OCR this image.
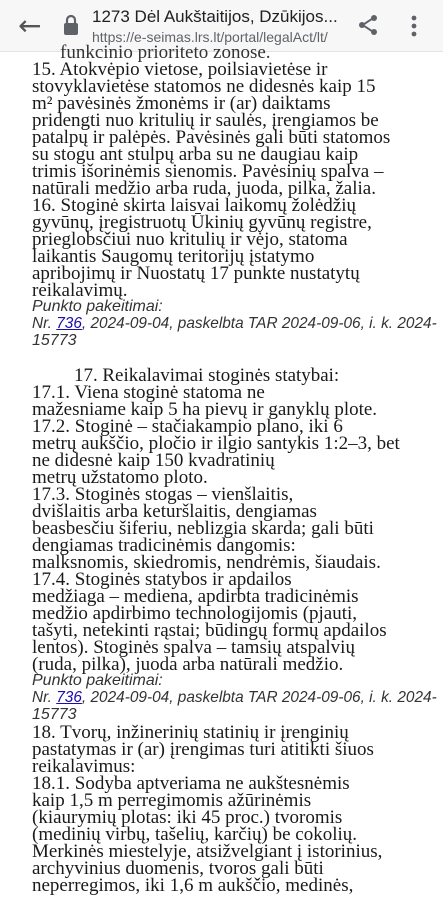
←	1273 Dėl Aukštaitijos, Dzūkijos...
https://e-seimas.lrs.lt/portal/legalAct/lt/
funkcinio prioriteto zonose.
15. Atokvėpio vietose, poilsiavietėse ir
stovyklavietėse statomos ne didesnės kaip 15
m² pavėsinės žmonėms ir (ar) daiktams
pridengti nuo kritulių ir saulės, įrengiamos be
patalpų ir palėpės. Pavėsinės gali būti statomos
su stogu ant stulpų arba su ne daugiau kaip
trimis išorinėmis sienomis. Pavėsinių spalva –
natūrali medžio arba ruda, juoda, pilka, žalia.
16. Stoginė skirta laisvai laikomų žolėdžių
gyvūnų, įregistruotų Ūkinių gyvūnų registre,
prieglobsčiui nuo kritulių ir vėjo, statoma
laikantis Saugomų teritorijų įstatymo
apribojimų ir Nuostatų 17 punkte nustatytų
reikalavimų.
Punkto pakeitimai:
Nr. 736, 2024-09-04, paskelbta TAR 2024-09-06, i. k. 2024-
15773
17. Reikalavimai stoginės statybai:
17.1. Viena stoginė statoma ne
mažesniame kaip 5 ha pievų ir ganyklų plote.
17.2. Stoginė – stačiakampio plano, iki 6
metrų aukščio, pločio ir ilgio santykis 1:2–3, bet
ne didesnė kaip 150 kvadratinių
metrų užstatomo ploto.
17.3. Stoginės stogas – vienšlaitis,
dvišlaitis arba keturšlaitis, dengiamas
beasbesčiu šiferiu, neblizgia skarda; gali būti
dengiamas tradicinėmis dangomis:
malksnomis, skiedromis, nendrėmis, šiaudais.
17.4. Stoginės statybos ir apdailos
medžiaga – mediena, apdirbta tradicinėmis
medžio apdirbimo technologijomis (pjauti,
tašyti, netekinti rąstai; būdingų formų apdailos
lentos). Stoginės spalva – tamsių atspalvių
(ruda, pilka), juoda arba natūrali medžio.
Punkto pakeitimai:
Nr. 736, 2024-09-04, paskelbta TAR 2024-09-06, i. k. 2024-
15773
18. Tvorų, inžinerinių statinių ir įrenginių
pastatymas ir (ar) įrengimas turi atitikti šiuos
reikalavimus:
18.1. Sodyba aptveriama ne aukštesnėmis
kaip 1,5 m perregimomis ažūrinėmis
(kiaurymių plotas: iki 45 proc.) tvoromis
(medinių virbų, tašelių, karčių) be cokolių.
Merkinės miestelyje, atsižvelgiant į istorinius,
archyvinius duomenis, tvoros gali būti
neperregimos, iki 1,6 m aukščio, medinės,
